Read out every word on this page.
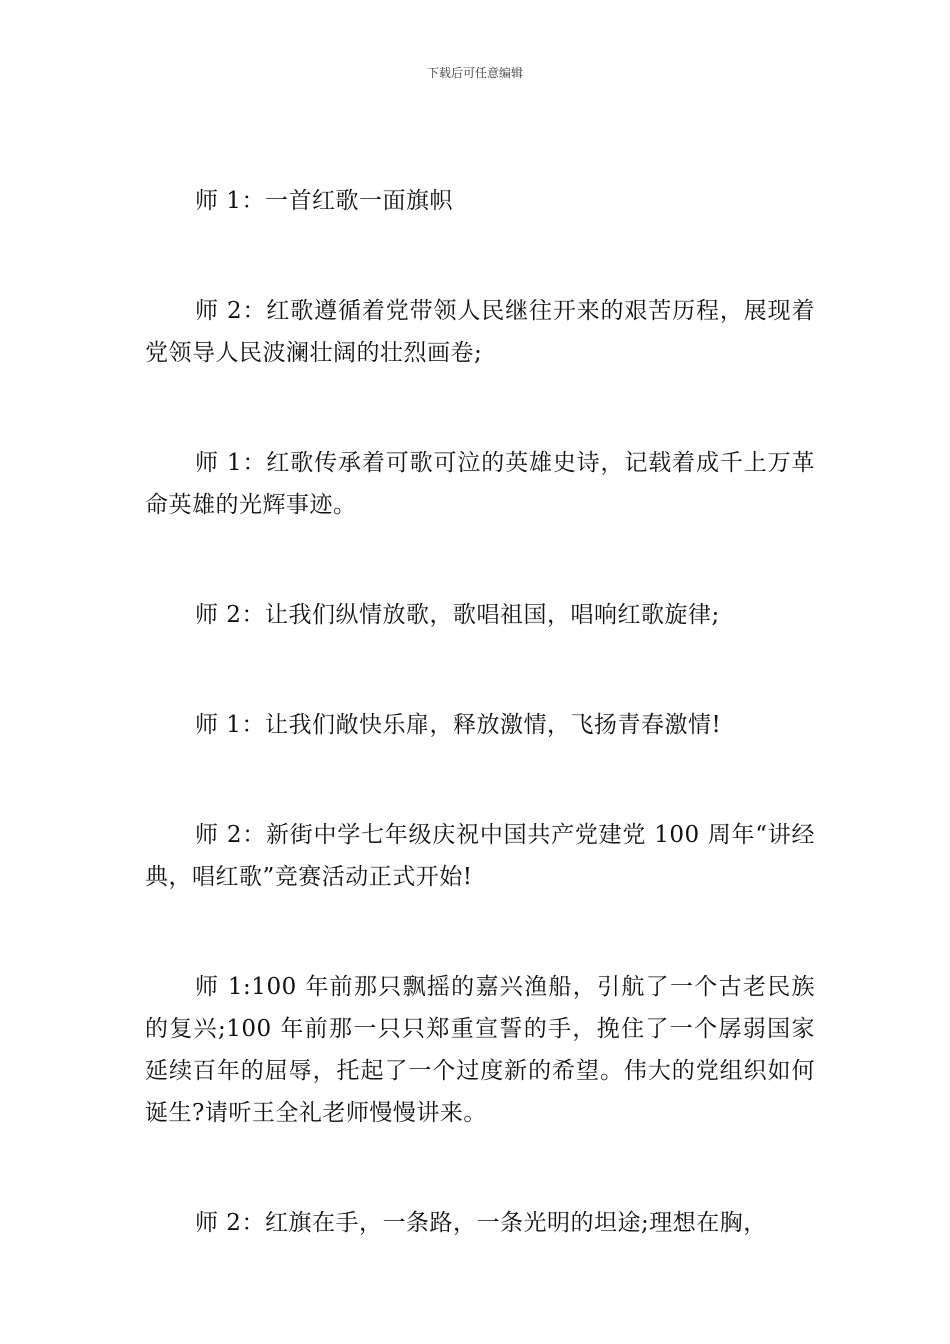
下载后可任意编辑

师 1：一首红歌一面旗帜

师 2：红歌遵循着党带领人民继往开来的艰苦历程，展现着党领导人民波澜壮阔的壮烈画卷;

师 1：红歌传承着可歌可泣的英雄史诗，记载着成千上万革命英雄的光辉事迹。

师 2：让我们纵情放歌，歌唱祖国，唱响红歌旋律;

师 1：让我们敞快乐扉，释放激情，飞扬青春激情!

师 2：新街中学七年级庆祝中国共产党建党 100 周年“讲经典，唱红歌”竞赛活动正式开始!

师 1:100 年前那只飘摇的嘉兴渔船，引航了一个古老民族的复兴;100 年前那一只只郑重宣誓的手，挽住了一个孱弱国家延续百年的屈辱，托起了一个过度新的希望。伟大的党组织如何诞生?请听王全礼老师慢慢讲来。

师 2：红旗在手，一条路，一条光明的坦途;理想在胸，
